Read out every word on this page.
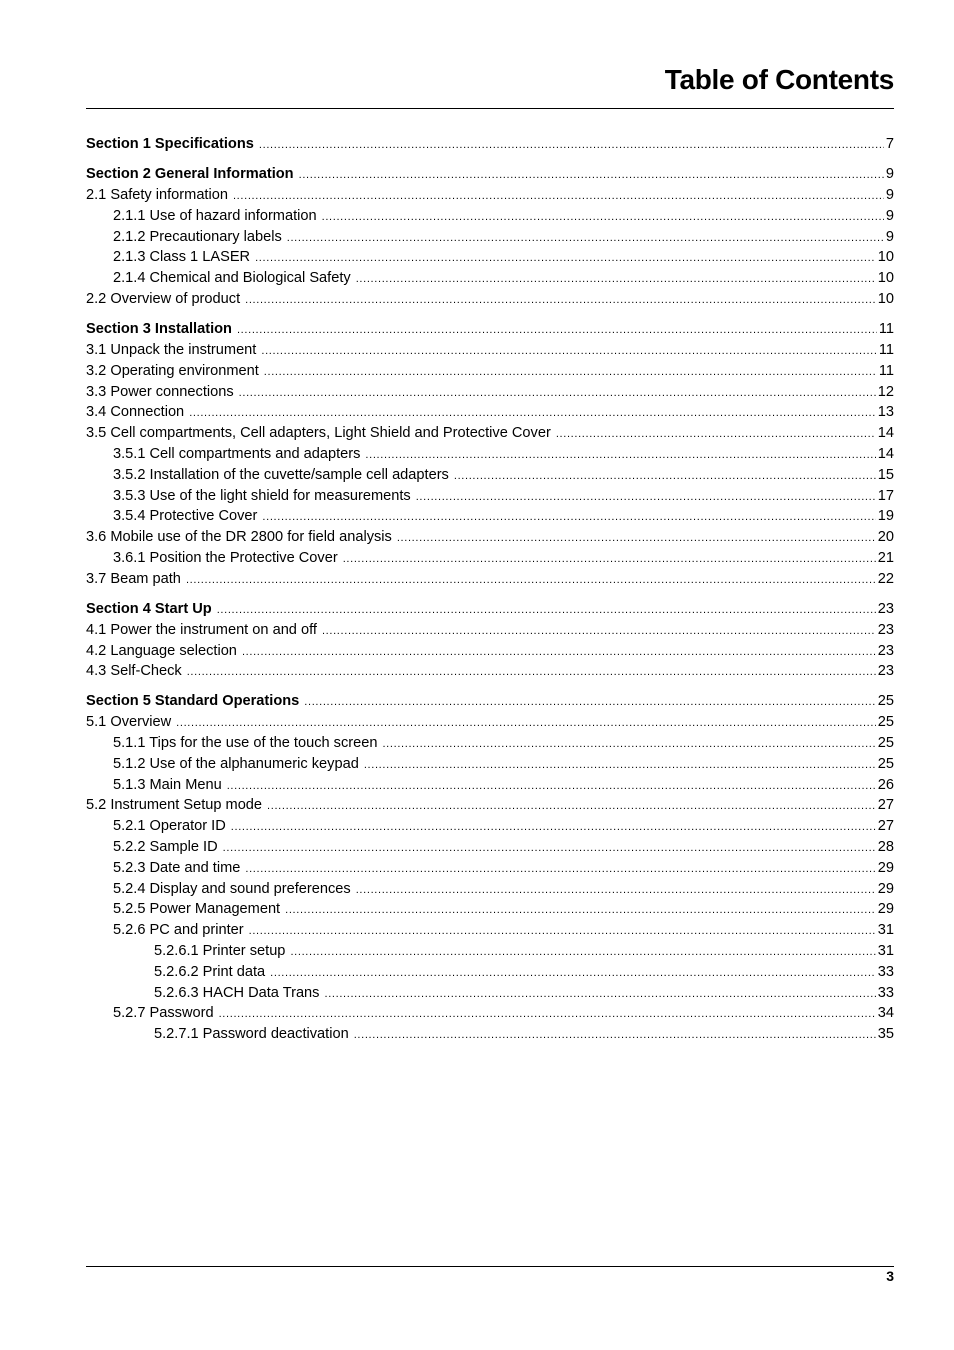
Table of Contents
Section 1 Specifications . . .	7
Section 2 General Information . . .	9
2.1 Safety information . . .	9
2.1.1 Use of hazard information . . .	9
2.1.2 Precautionary labels . . .	9
2.1.3 Class 1 LASER . . .	10
2.1.4 Chemical and Biological Safety . . .	10
2.2 Overview of product . . .	10
Section 3 Installation . . .	11
3.1 Unpack the instrument . . .	11
3.2 Operating environment . . .	11
3.3 Power connections . . .	12
3.4 Connection . . .	13
3.5 Cell compartments, Cell adapters, Light Shield and Protective Cover . . .	14
3.5.1 Cell compartments and adapters . . .	14
3.5.2 Installation of the cuvette/sample cell adapters . . .	15
3.5.3 Use of the light shield for measurements . . .	17
3.5.4 Protective Cover . . .	19
3.6 Mobile use of the DR 2800 for field analysis . . .	20
3.6.1 Position the Protective Cover . . .	21
3.7 Beam path . . .	22
Section 4 Start Up . . .	23
4.1 Power the instrument on and off . . .	23
4.2 Language selection . . .	23
4.3 Self-Check . . .	23
Section 5 Standard Operations . . .	25
5.1 Overview . . .	25
5.1.1 Tips for the use of the touch screen . . .	25
5.1.2 Use of the alphanumeric keypad . . .	25
5.1.3 Main Menu . . .	26
5.2 Instrument Setup mode . . .	27
5.2.1 Operator ID . . .	27
5.2.2 Sample ID . . .	28
5.2.3 Date and time . . .	29
5.2.4 Display and sound preferences . . .	29
5.2.5 Power Management . . .	29
5.2.6 PC and printer . . .	31
5.2.6.1 Printer setup . . .	31
5.2.6.2 Print data . . .	33
5.2.6.3 HACH Data Trans . . .	33
5.2.7 Password . . .	34
5.2.7.1 Password deactivation . . .	35
3
